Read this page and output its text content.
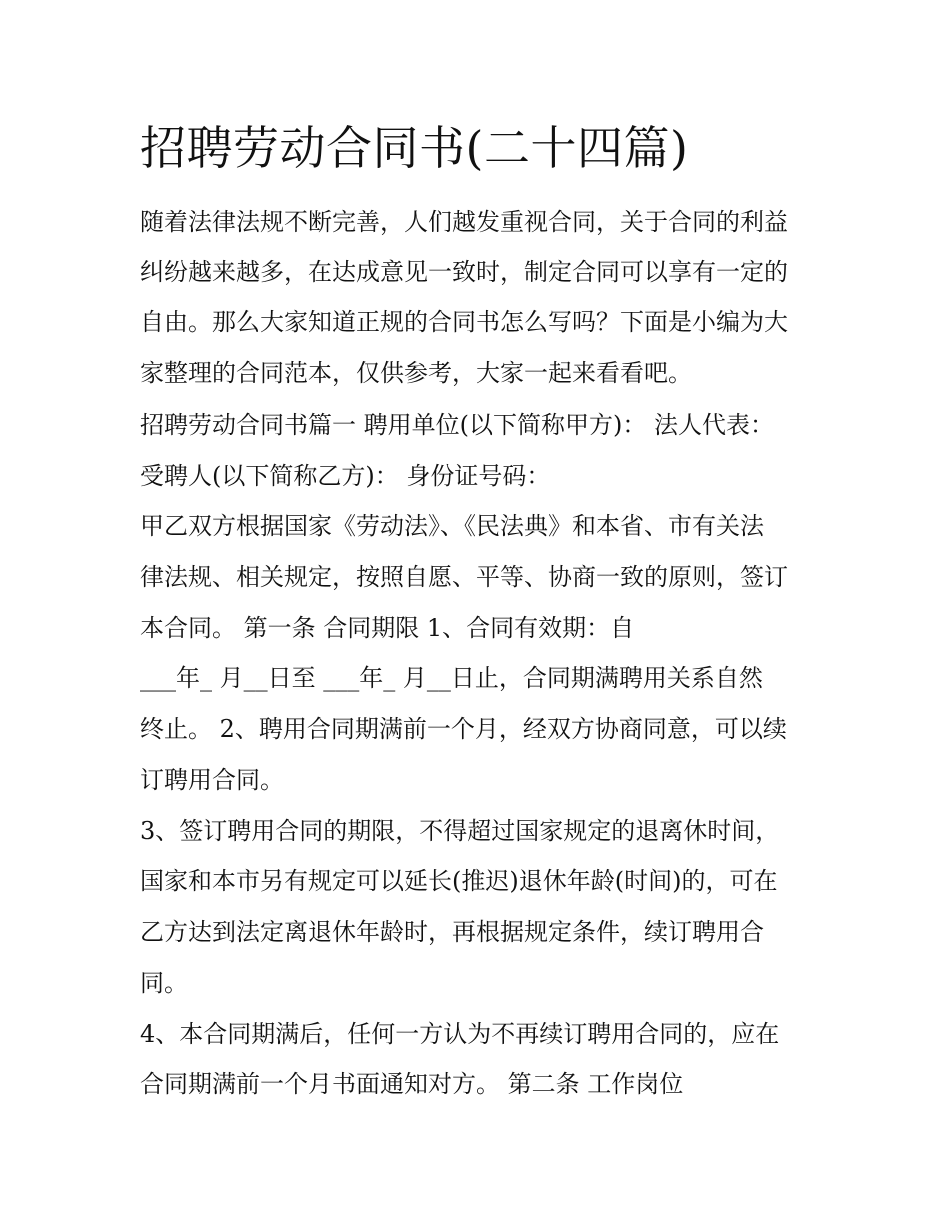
招聘劳动合同书(二十四篇)
随着法律法规不断完善，人们越发重视合同，关于合同的利益
纠纷越来越多，在达成意见一致时，制定合同可以享有一定的
自由。那么大家知道正规的合同书怎么写吗？下面是小编为大
家整理的合同范本，仅供参考，大家一起来看看吧。
招聘劳动合同书篇一 聘用单位(以下简称甲方)： 法人代表：
受聘人(以下简称乙方)： 身份证号码：
甲乙双方根据国家《劳动法》、《民法典》和本省、市有关法
律法规、相关规定，按照自愿、平等、协商一致的原则，签订
本合同。 第一条 合同期限 1、合同有效期：自
___年_ 月__日至 ___年_ 月__日止，合同期满聘用关系自然
终止。 2、聘用合同期满前一个月，经双方协商同意，可以续
订聘用合同。
3、签订聘用合同的期限，不得超过国家规定的退离休时间，
国家和本市另有规定可以延长(推迟)退休年龄(时间)的，可在
乙方达到法定离退休年龄时，再根据规定条件，续订聘用合
同。
4、本合同期满后，任何一方认为不再续订聘用合同的，应在
合同期满前一个月书面通知对方。 第二条 工作岗位
